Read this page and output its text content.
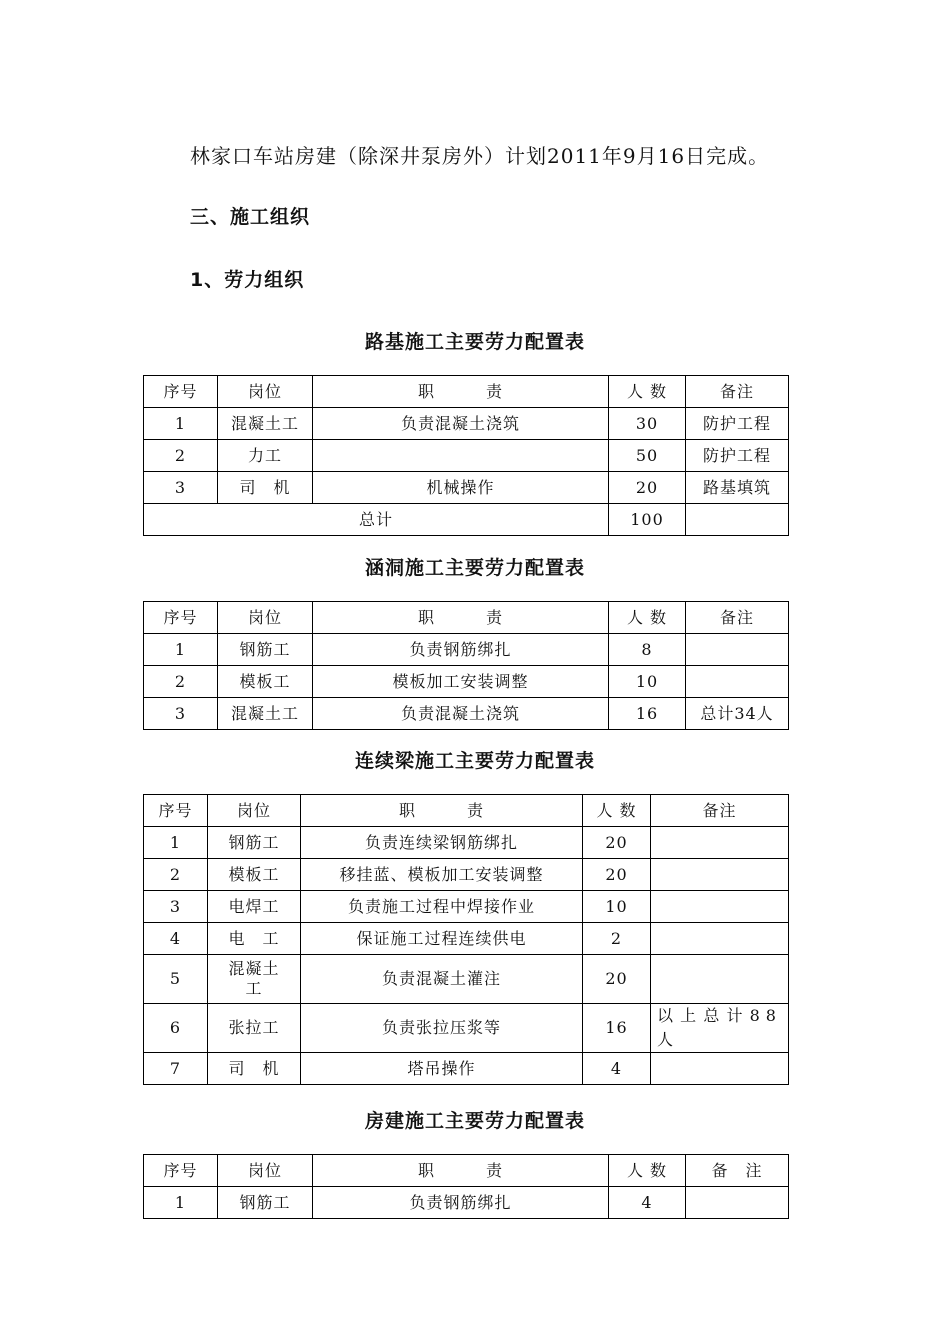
林家口车站房建（除深井泵房外）计划2011年9月16日完成。
三、施工组织
1、劳力组织
路基施工主要劳力配置表
序号	岗位	职　　　责	人 数	备注
1	混凝土工	负责混凝土浇筑	30	防护工程
2	力工		50	防护工程
3	司　机	机械操作	20	路基填筑
总计			100	
涵洞施工主要劳力配置表
序号	岗位	职　　　责	人 数	备注
1	钢筋工	负责钢筋绑扎	8	
2	模板工	模板加工安装调整	10	
3	混凝土工	负责混凝土浇筑	16	总计34人
连续梁施工主要劳力配置表
序号	岗位	职　　　责	人 数	备注
1	钢筋工	负责连续梁钢筋绑扎	20	
2	模板工	移挂蓝、模板加工安装调整	20	
3	电焊工	负责施工过程中焊接作业	10	
4	电　工	保证施工过程连续供电	2	
5	混凝土工	负责混凝土灌注	20	
6	张拉工	负责张拉压浆等	16	以上总计88人
7	司　机	塔吊操作	4	
房建施工主要劳力配置表
序号	岗位	职　　　责	人 数	备　注
1	钢筋工	负责钢筋绑扎	4	
